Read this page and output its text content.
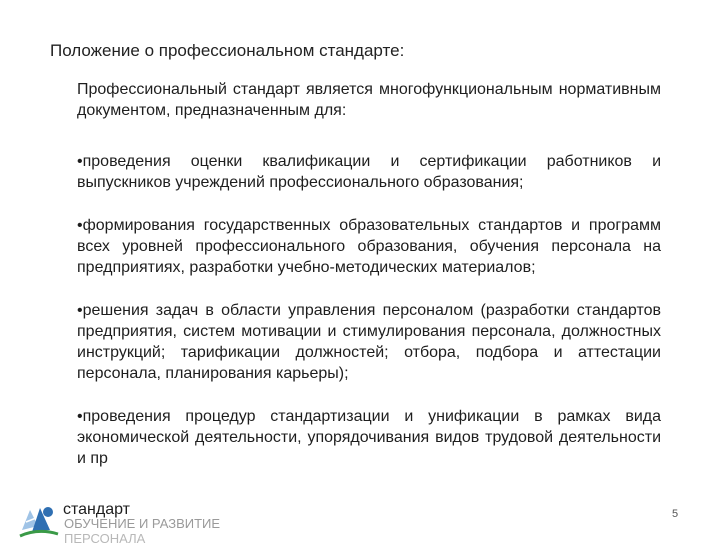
Положение о профессиональном стандарте:

Профессиональный стандарт является многофункциональным нормативным документом, предназначенным для:

•проведения оценки квалификации и сертификации работников и выпускников учреждений профессионального образования;

•формирования государственных образовательных стандартов и программ всех уровней профессионального образования, обучения персонала на предприятиях, разработки учебно-методических материалов;

•решения задач в области управления персоналом (разработки стандартов предприятия, систем мотивации и стимулирования персонала, должностных инструкций; тарификации должностей; отбора, подбора и аттестации персонала, планирования карьеры);

•проведения процедур стандартизации и унификации в рамках вида экономической деятельности, упорядочивания видов трудовой деятельности и пр

стандарт
ОБУЧЕНИЕ И РАЗВИТИЕ
ПЕРСОНАЛА
5
